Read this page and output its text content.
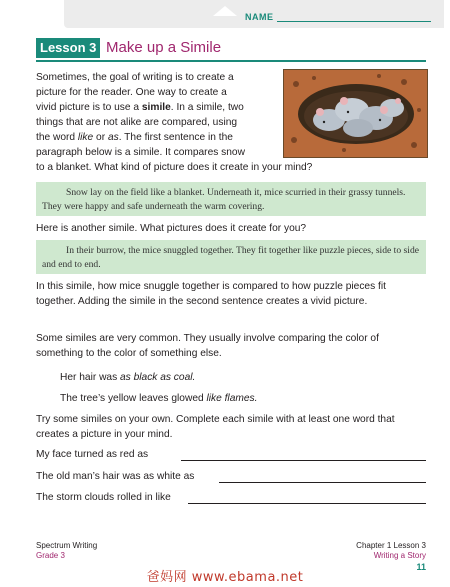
NAME
Lesson 3 Make up a Simile
Sometimes, the goal of writing is to create a
picture for the reader. One way to create a
vivid picture is to use a simile. In a simile, two
things that are not alike are compared, using
the word like or as. The first sentence in the
paragraph below is a simile. It compares snow
to a blanket. What kind of picture does it create in your mind?
Snow lay on the field like a blanket. Underneath it, mice scurried in their grassy tunnels. They were happy and safe underneath the warm covering.
Here is another simile. What pictures does it create for you?
In their burrow, the mice snuggled together. They fit together like puzzle pieces, side to side and end to end.
In this simile, how mice snuggle together is compared to how puzzle pieces fit together. Adding the simile in the second sentence creates a vivid picture.
Some similes are very common. They usually involve comparing the color of something to the color of something else.
Her hair was as black as coal.
The tree’s yellow leaves glowed like flames.
Try some similes on your own. Complete each simile with at least one word that creates a picture in your mind.
My face turned as red as
The old man’s hair was as white as
The storm clouds rolled in like
Spectrum Writing
Grade 3
Chapter 1 Lesson 3
Writing a Story
11
爸妈网 www.ebama.net
